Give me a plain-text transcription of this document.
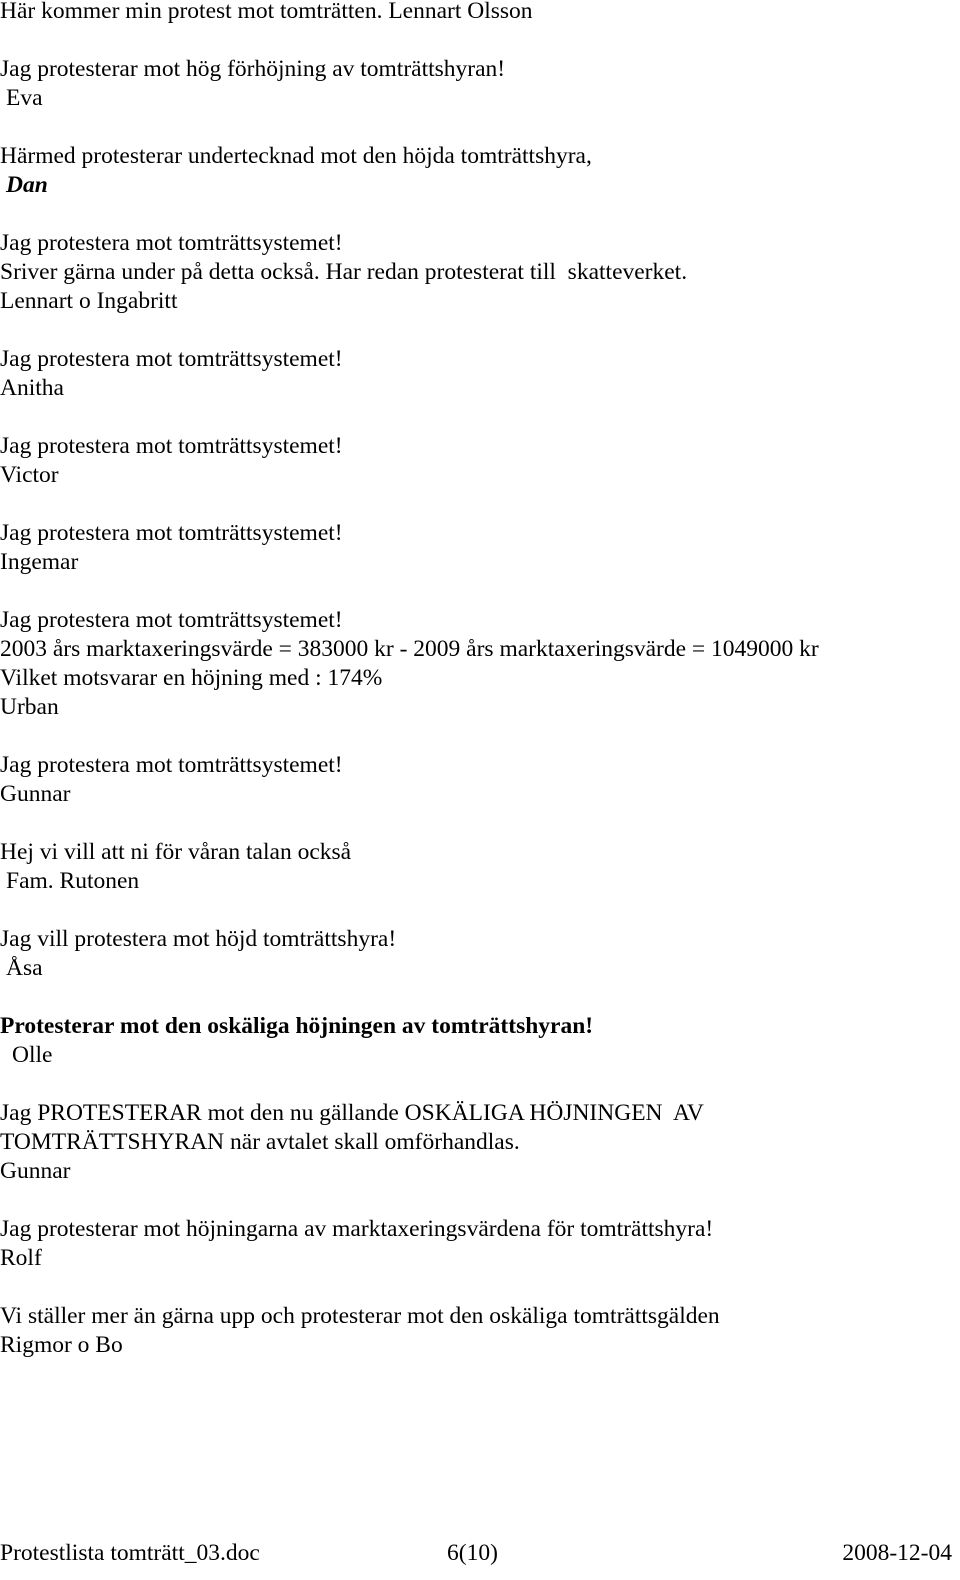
Här kommer min protest mot tomträtten. Lennart Olsson
Jag protesterar mot hög förhöjning av tomträttshyran!
Eva
Härmed protesterar undertecknad mot den höjda tomträttshyra,
Dan
Jag protestera mot tomträttsystemet!
Sriver gärna under på detta också. Har redan protesterat till  skatteverket.
Lennart o Ingabritt
Jag protestera mot tomträttsystemet!
Anitha
Jag protestera mot tomträttsystemet!
Victor
Jag protestera mot tomträttsystemet!
Ingemar
Jag protestera mot tomträttsystemet!
2003 års marktaxeringsvärde = 383000 kr - 2009 års marktaxeringsvärde = 1049000 kr
Vilket motsvarar en höjning med : 174%
Urban
Jag protestera mot tomträttsystemet!
Gunnar
Hej vi vill att ni för våran talan också
Fam. Rutonen
Jag vill protestera mot höjd tomträttshyra!
Åsa
Protesterar mot den oskäliga höjningen av tomträttshyran!
Olle
Jag PROTESTERAR mot den nu gällande OSKÄLIGA HÖJNINGEN  AV
TOMTRÄTTSHYRAN när avtalet skall omförhandlas.
Gunnar
Jag protesterar mot höjningarna av marktaxeringsvärdena för tomträttshyra!
Rolf
Vi ställer mer än gärna upp och protesterar mot den oskäliga tomträttsgälden
Rigmor o Bo
Protestlista tomträtt_03.doc	6(10)	2008-12-04
